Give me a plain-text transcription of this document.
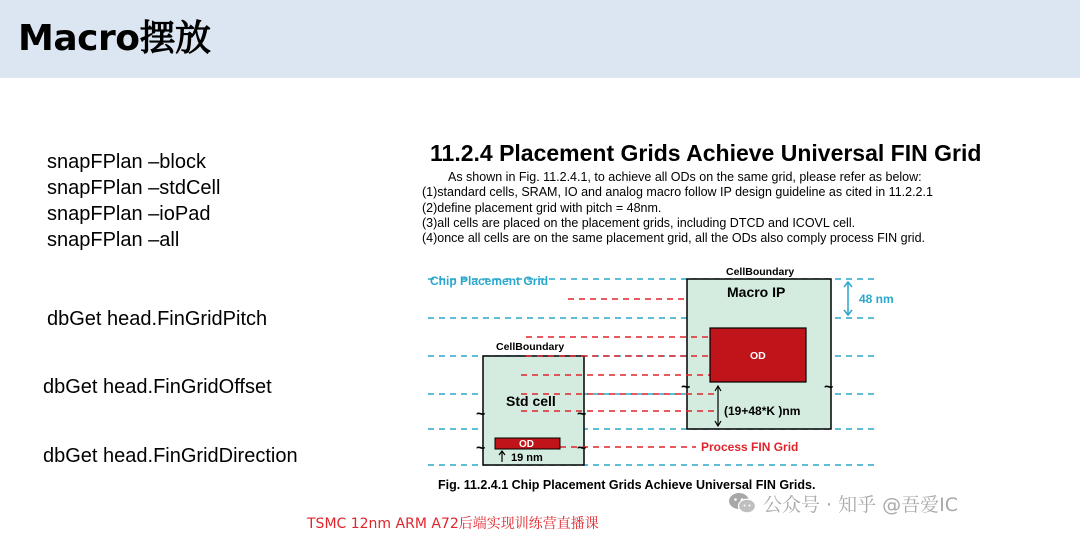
Macro摆放
snapFPlan –block
snapFPlan –stdCell
snapFPlan –ioPad
snapFPlan –all
dbGet head.FinGridPitch
dbGet head.FinGridOffset
dbGet head.FinGridDirection
11.2.4 Placement Grids Achieve Universal FIN Grid
As shown in Fig. 11.2.4.1, to achieve all ODs on the same grid, please refer as below:
(1)standard cells, SRAM, IO and analog macro follow IP design guideline as cited in 11.2.2.1
(2)define placement grid with pitch = 48nm.
(3)all cells are placed on the placement grids, including DTCD and ICOVL cell.
(4)once all cells are on the same placement grid, all the ODs also comply process FIN grid.
~	~
~	~
~	~
Chip Placement Grid
CellBoundary
CellBoundary
Macro IP
Std cell
OD
OD
48 nm
(19+48*K )nm
19 nm
Process FIN Grid
Fig. 11.2.4.1 Chip Placement Grids Achieve Universal FIN Grids.
TSMC 12nm ARM A72后端实现训练营直播课
公众号 · 知乎 @吾爱IC
